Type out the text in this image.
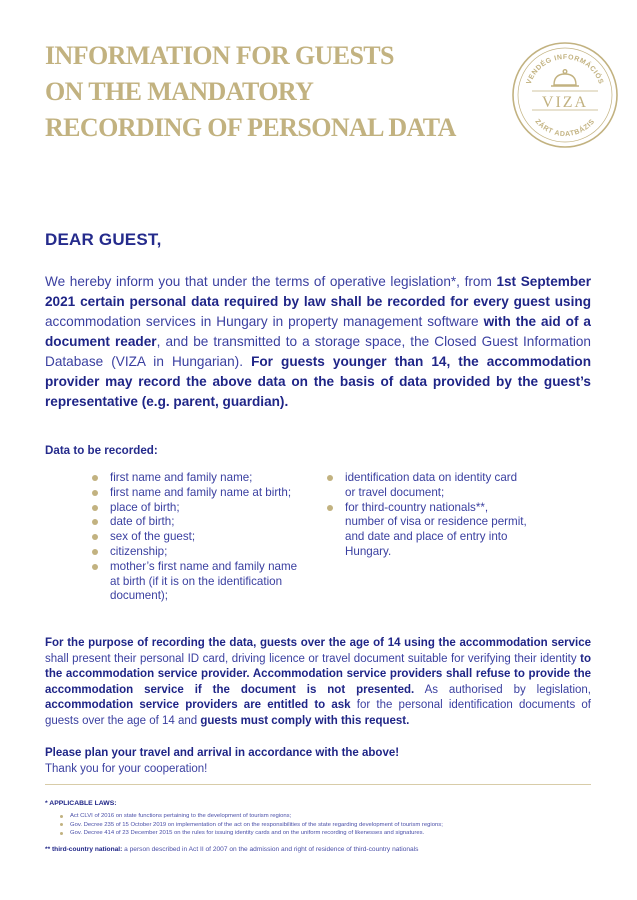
INFORMATION FOR GUESTS
ON THE MANDATORY
RECORDING OF PERSONAL DATA
VENDÉG INFORMÁCIÓS
ZÁRT ADATBÁZIS
VIZA

DEAR GUEST,

We hereby inform you that under the terms of operative legislation*, from 1st September 2021 certain personal data required by law shall be recorded for every guest using accommodation services in Hungary in property management software with the aid of a document reader, and be transmitted to a storage space, the Closed Guest Information Database (VIZA in Hungarian). For guests younger than 14, the accommodation provider may record the above data on the basis of data provided by the guest’s representative (e.g. parent, guardian).

Data to be recorded:

first name and family name;
first name and family name at birth;
place of birth;
date of birth;
sex of the guest;
citizenship;
mother’s first name and family name at birth (if it is on the identification document);
identification data on identity card or travel document;
for third-country nationals**, number of visa or residence permit, and date and place of entry into Hungary.

For the purpose of recording the data, guests over the age of 14 using the accommodation service shall present their personal ID card, driving licence or travel document suitable for verifying their identity to the accommodation service provider. Accommodation service providers shall refuse to provide the accommodation service if the document is not presented. As authorised by legislation, accommodation service providers are entitled to ask for the personal identification documents of guests over the age of 14 and guests must comply with this request.

Please plan your travel and arrival in accordance with the above!
Thank you for your cooperation!

* APPLICABLE LAWS:

Act CLVI of 2016 on state functions pertaining to the development of tourism regions;
Gov. Decree 235 of 15 October 2019 on implementation of the act on the responsibilities of the state regarding development of tourism regions;
Gov. Decree 414 of 23 December 2015 on the rules for issuing identity cards and on the uniform recording of likenesses and signatures.

** third-country national: a person described in Act II of 2007 on the admission and right of residence of third-country nationals
